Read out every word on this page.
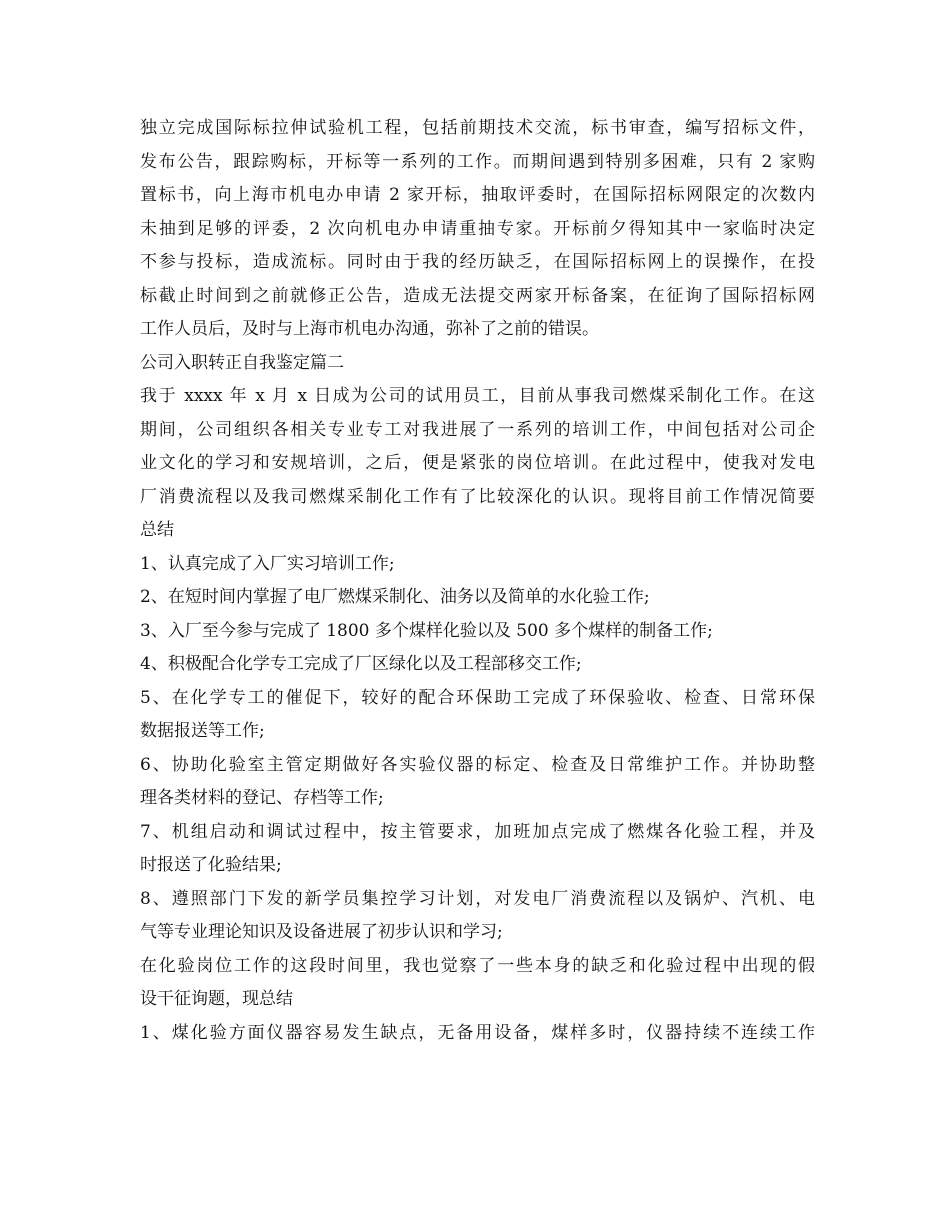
独立完成国际标拉伸试验机工程，包括前期技术交流，标书审查，编写招标文件，
发布公告，跟踪购标，开标等一系列的工作。而期间遇到特别多困难，只有 2 家购
置标书，向上海市机电办申请 2 家开标，抽取评委时，在国际招标网限定的次数内
未抽到足够的评委，2 次向机电办申请重抽专家。开标前夕得知其中一家临时决定
不参与投标，造成流标。同时由于我的经历缺乏，在国际招标网上的误操作，在投
标截止时间到之前就修正公告，造成无法提交两家开标备案，在征询了国际招标网
工作人员后，及时与上海市机电办沟通，弥补了之前的错误。
公司入职转正自我鉴定篇二
我于 xxxx 年 x 月 x 日成为公司的试用员工，目前从事我司燃煤采制化工作。在这
期间，公司组织各相关专业专工对我进展了一系列的培训工作，中间包括对公司企
业文化的学习和安规培训，之后，便是紧张的岗位培训。在此过程中，使我对发电
厂消费流程以及我司燃煤采制化工作有了比较深化的认识。现将目前工作情况简要
总结
1、认真完成了入厂实习培训工作;
2、在短时间内掌握了电厂燃煤采制化、油务以及简单的水化验工作;
3、入厂至今参与完成了 1800 多个煤样化验以及 500 多个煤样的制备工作;
4、积极配合化学专工完成了厂区绿化以及工程部移交工作;
5、在化学专工的催促下，较好的配合环保助工完成了环保验收、检查、日常环保
数据报送等工作;
6、协助化验室主管定期做好各实验仪器的标定、检查及日常维护工作。并协助整
理各类材料的登记、存档等工作;
7、机组启动和调试过程中，按主管要求，加班加点完成了燃煤各化验工程，并及
时报送了化验结果;
8、遵照部门下发的新学员集控学习计划，对发电厂消费流程以及锅炉、汽机、电
气等专业理论知识及设备进展了初步认识和学习;
在化验岗位工作的这段时间里，我也觉察了一些本身的缺乏和化验过程中出现的假
设干征询题，现总结
1、煤化验方面仪器容易发生缺点，无备用设备，煤样多时，仪器持续不连续工作
